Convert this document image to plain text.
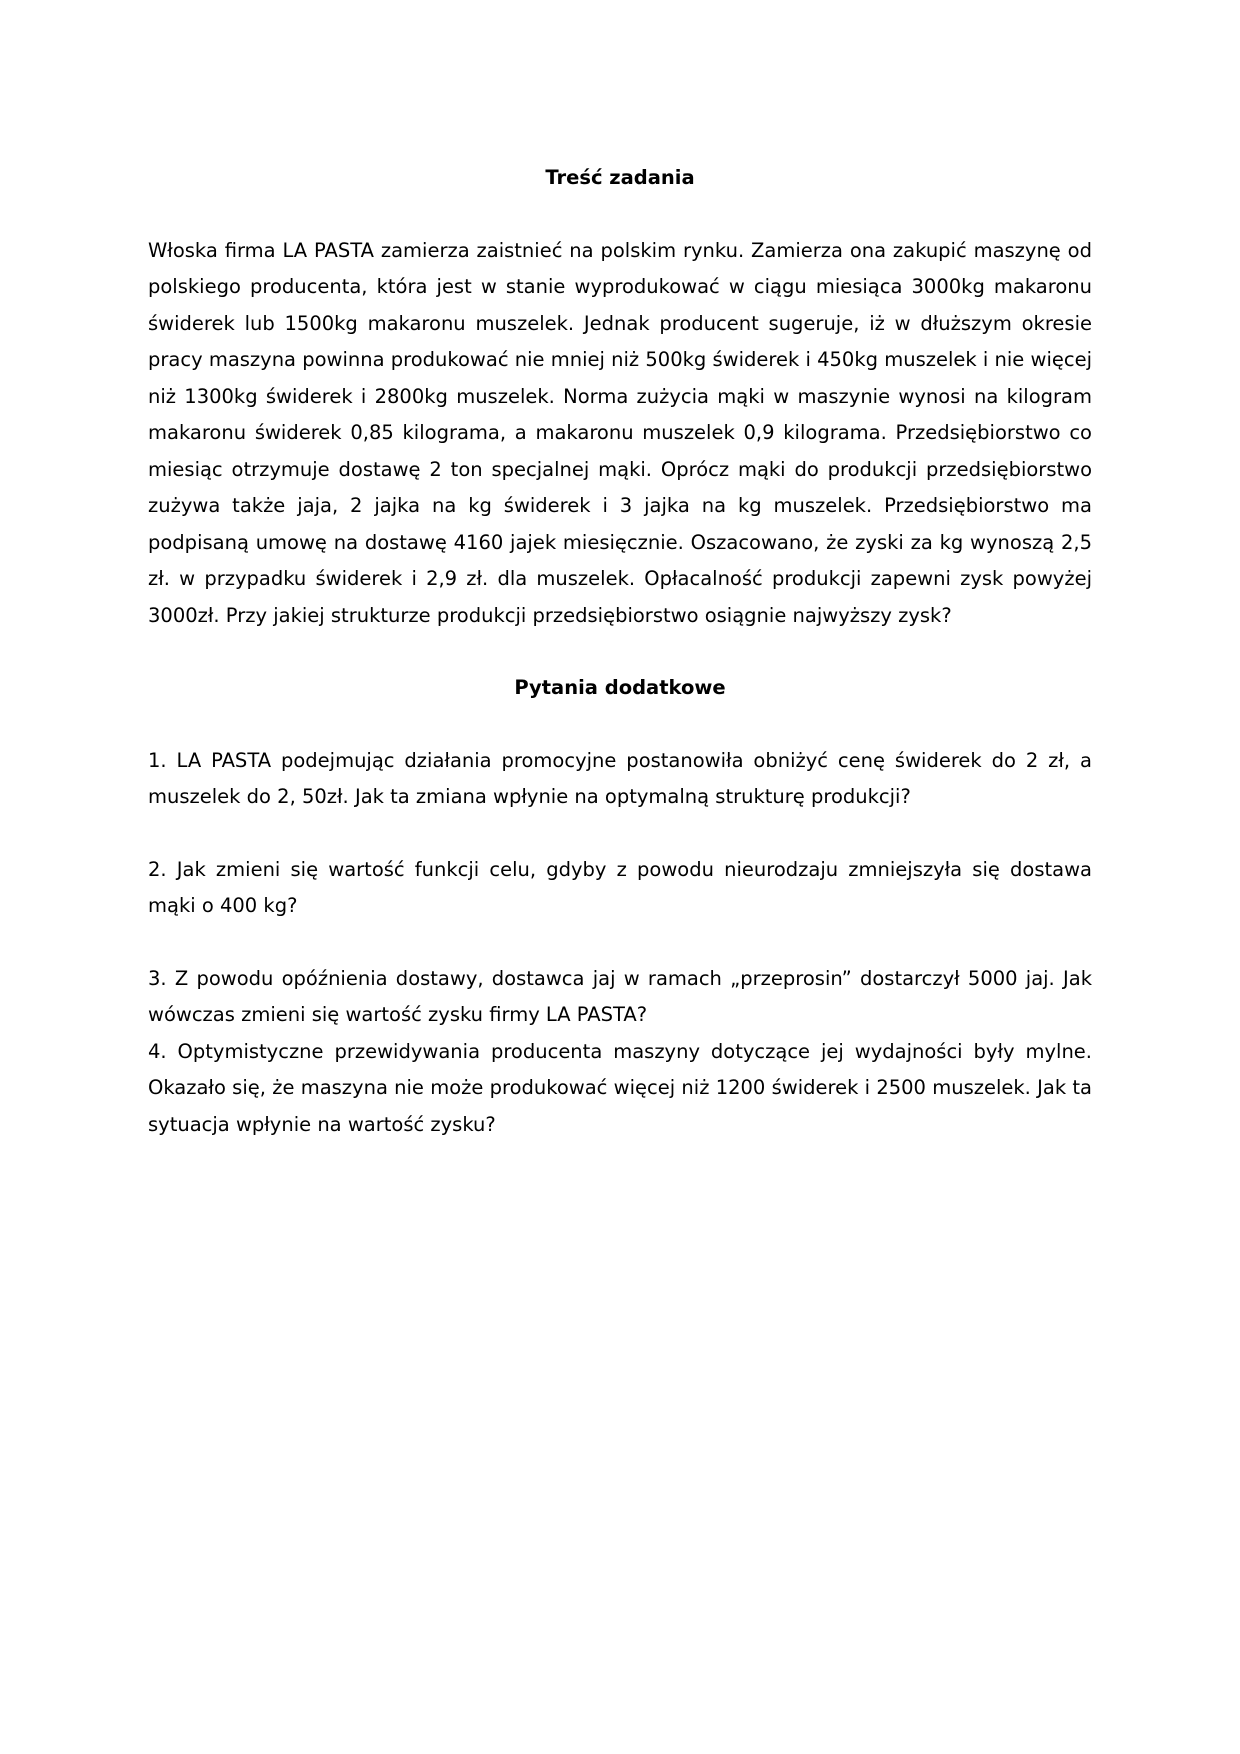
Treść zadania

Włoska firma LA PASTA zamierza zaistnieć na polskim rynku. Zamierza ona zakupić maszynę od polskiego producenta, która jest w stanie wyprodukować w ciągu miesiąca 3000kg makaronu świderek lub 1500kg makaronu muszelek. Jednak producent sugeruje, iż w dłuższym okresie pracy maszyna powinna produkować nie mniej niż 500kg świderek i 450kg muszelek i nie więcej niż 1300kg świderek i 2800kg muszelek. Norma zużycia mąki w maszynie wynosi na kilogram makaronu świderek 0,85 kilograma, a makaronu muszelek 0,9 kilograma. Przedsiębiorstwo co miesiąc otrzymuje dostawę 2 ton specjalnej mąki. Oprócz mąki do produkcji przedsiębiorstwo zużywa także jaja, 2 jajka na kg świderek i 3 jajka na kg muszelek. Przedsiębiorstwo ma podpisaną umowę na dostawę 4160 jajek miesięcznie. Oszacowano, że zyski za kg wynoszą 2,5 zł. w przypadku świderek i 2,9 zł. dla muszelek. Opłacalność produkcji zapewni zysk powyżej 3000zł. Przy jakiej strukturze produkcji przedsiębiorstwo osiągnie najwyższy zysk?

Pytania dodatkowe

1. LA PASTA podejmując działania promocyjne postanowiła obniżyć cenę świderek do 2 zł, a muszelek do 2, 50zł. Jak ta zmiana wpłynie na optymalną strukturę produkcji?

2. Jak zmieni się wartość funkcji celu, gdyby z powodu nieurodzaju zmniejszyła się dostawa mąki o 400 kg?

3. Z powodu opóźnienia dostawy, dostawca jaj w ramach „przeprosin” dostarczył 5000 jaj. Jak wówczas zmieni się wartość zysku firmy LA PASTA?

4. Optymistyczne przewidywania producenta maszyny dotyczące jej wydajności były mylne. Okazało się, że maszyna nie może produkować więcej niż 1200 świderek i 2500 muszelek. Jak ta sytuacja wpłynie na wartość zysku?
